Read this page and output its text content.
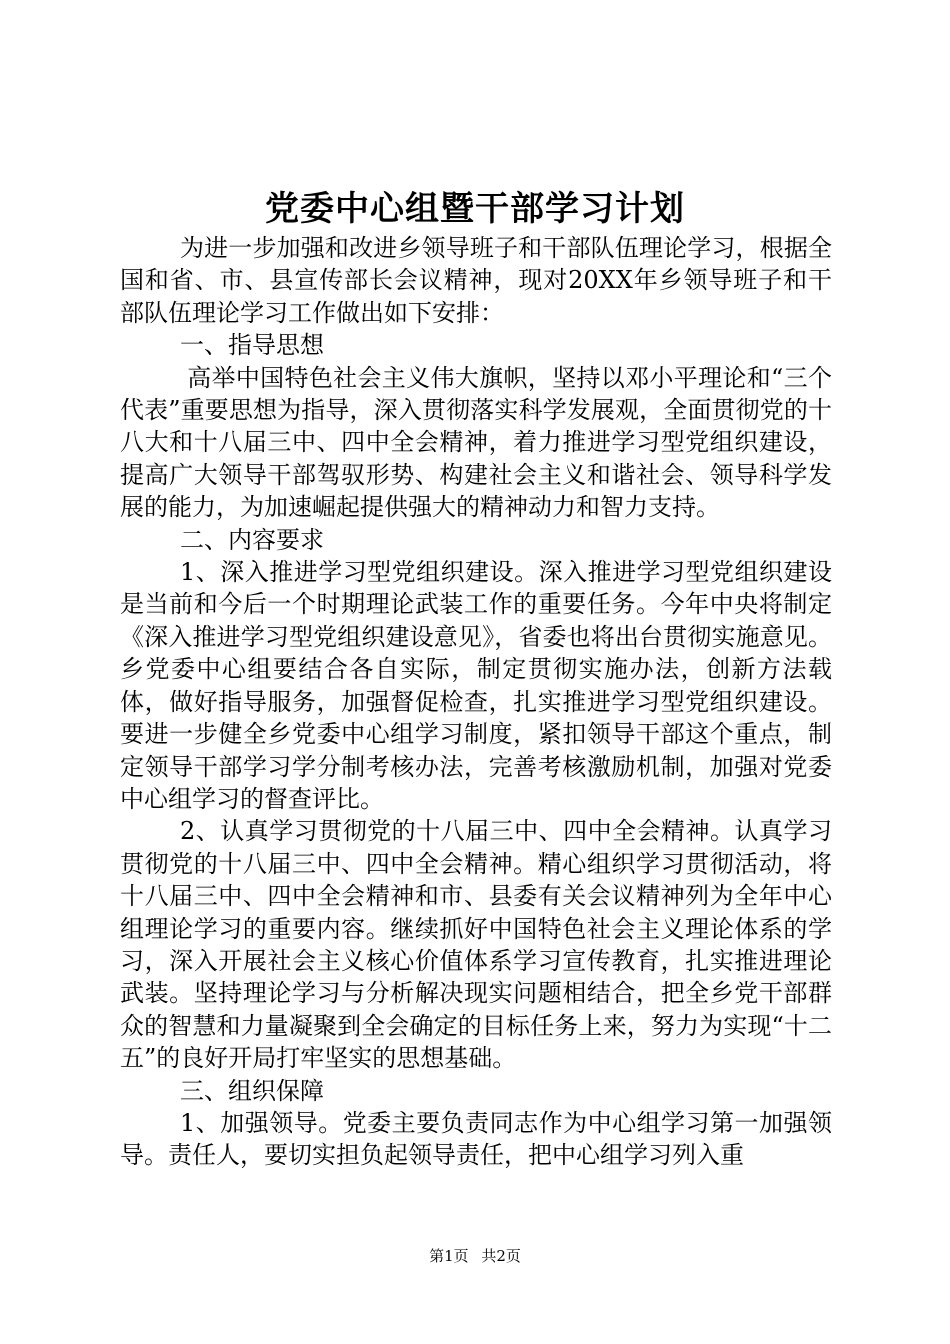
党委中心组暨干部学习计划

为进一步加强和改进乡领导班子和干部队伍理论学习，根据全国和省、市、县宣传部长会议精神，现对20XX年乡领导班子和干部队伍理论学习工作做出如下安排：

一、指导思想

高举中国特色社会主义伟大旗帜，坚持以邓小平理论和“三个代表”重要思想为指导，深入贯彻落实科学发展观，全面贯彻党的十八大和十八届三中、四中全会精神，着力推进学习型党组织建设，提高广大领导干部驾驭形势、构建社会主义和谐社会、领导科学发展的能力，为加速崛起提供强大的精神动力和智力支持。

二、内容要求

1、深入推进学习型党组织建设。深入推进学习型党组织建设是当前和今后一个时期理论武装工作的重要任务。今年中央将制定《深入推进学习型党组织建设意见》，省委也将出台贯彻实施意见。乡党委中心组要结合各自实际，制定贯彻实施办法，创新方法载体，做好指导服务，加强督促检查，扎实推进学习型党组织建设。要进一步健全乡党委中心组学习制度，紧扣领导干部这个重点，制定领导干部学习学分制考核办法，完善考核激励机制，加强对党委中心组学习的督查评比。

2、认真学习贯彻党的十八届三中、四中全会精神。认真学习贯彻党的十八届三中、四中全会精神。精心组织学习贯彻活动，将十八届三中、四中全会精神和市、县委有关会议精神列为全年中心组理论学习的重要内容。继续抓好中国特色社会主义理论体系的学习，深入开展社会主义核心价值体系学习宣传教育，扎实推进理论武装。坚持理论学习与分析解决现实问题相结合，把全乡党干部群众的智慧和力量凝聚到全会确定的目标任务上来，努力为实现“十二五”的良好开局打牢坚实的思想基础。

三、组织保障

1、加强领导。党委主要负责同志作为中心组学习第一加强领导。责任人，要切实担负起领导责任，把中心组学习列入重

第1页 共2页
